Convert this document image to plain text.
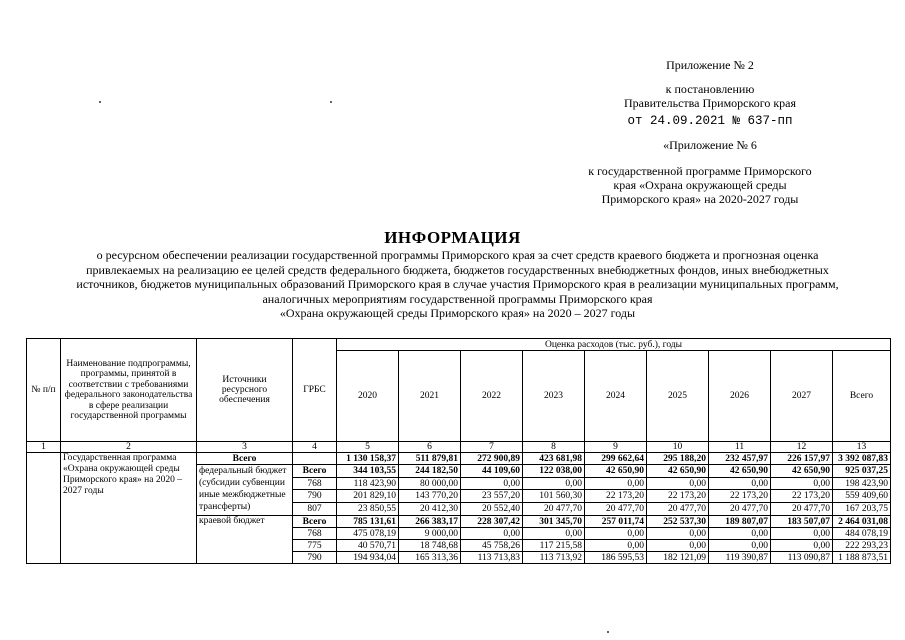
Приложение № 2
к постановлению
Правительства Приморского края
от 24.09.2021 № 637-пп
«Приложение № 6
к государственной программе Приморского
края «Охрана окружающей среды
Приморского края» на 2020-2027 годы
ИНФОРМАЦИЯ
о ресурсном обеспечении реализации государственной программы Приморского края за счет средств краевого бюджета и прогнозная оценка
привлекаемых на реализацию ее целей средств федерального бюджета, бюджетов государственных внебюджетных фондов, иных внебюджетных
источников, бюджетов муниципальных образований Приморского края в случае участия Приморского края в реализации муниципальных программ,
аналогичных мероприятиям государственной программы Приморского края
«Охрана окружающей среды Приморского края» на 2020 – 2027 годы
№ п/п	Наименование подпрограммы, программы, принятой в соответствии с требованиями федерального законодательства в сфере реализации государственной программы	Источники ресурсного обеспечения	ГРБС	Оценка расходов (тыс. руб.), годы								
				2020	2021	2022	2023	2024	2025	2026	2027	Всего
1	2	3	4	5	6	7	8	9	10	11	12	13
	Государственная программа «Охрана окружающей среды Приморского края» на 2020 – 2027 годы	Всего		1 130 158,37	511 879,81	272 900,89	423 681,98	299 662,64	295 188,20	232 457,97	226 157,97	3 392 087,83
		федеральный бюджет (субсидии субвенции иные межбюджетные трансферты)	Всего	344 103,55	244 182,50	44 109,60	122 038,00	42 650,90	42 650,90	42 650,90	42 650,90	925 037,25
			768	118 423,90	80 000,00	0,00	0,00	0,00	0,00	0,00	0,00	198 423,90
			790	201 829,10	143 770,20	23 557,20	101 560,30	22 173,20	22 173,20	22 173,20	22 173,20	559 409,60
			807	23 850,55	20 412,30	20 552,40	20 477,70	20 477,70	20 477,70	20 477,70	20 477,70	167 203,75
		краевой бюджет	Всего	785 131,61	266 383,17	228 307,42	301 345,70	257 011,74	252 537,30	189 807,07	183 507,07	2 464 031,08
			768	475 078,19	9 000,00	0,00	0,00	0,00	0,00	0,00	0,00	484 078,19
			775	40 570,71	18 748,68	45 758,26	117 215,58	0,00	0,00	0,00	0,00	222 293,23
			790	194 934,04	165 313,36	113 713,83	113 713,92	186 595,53	182 121,09	119 390,87	113 090,87	1 188 873,51
